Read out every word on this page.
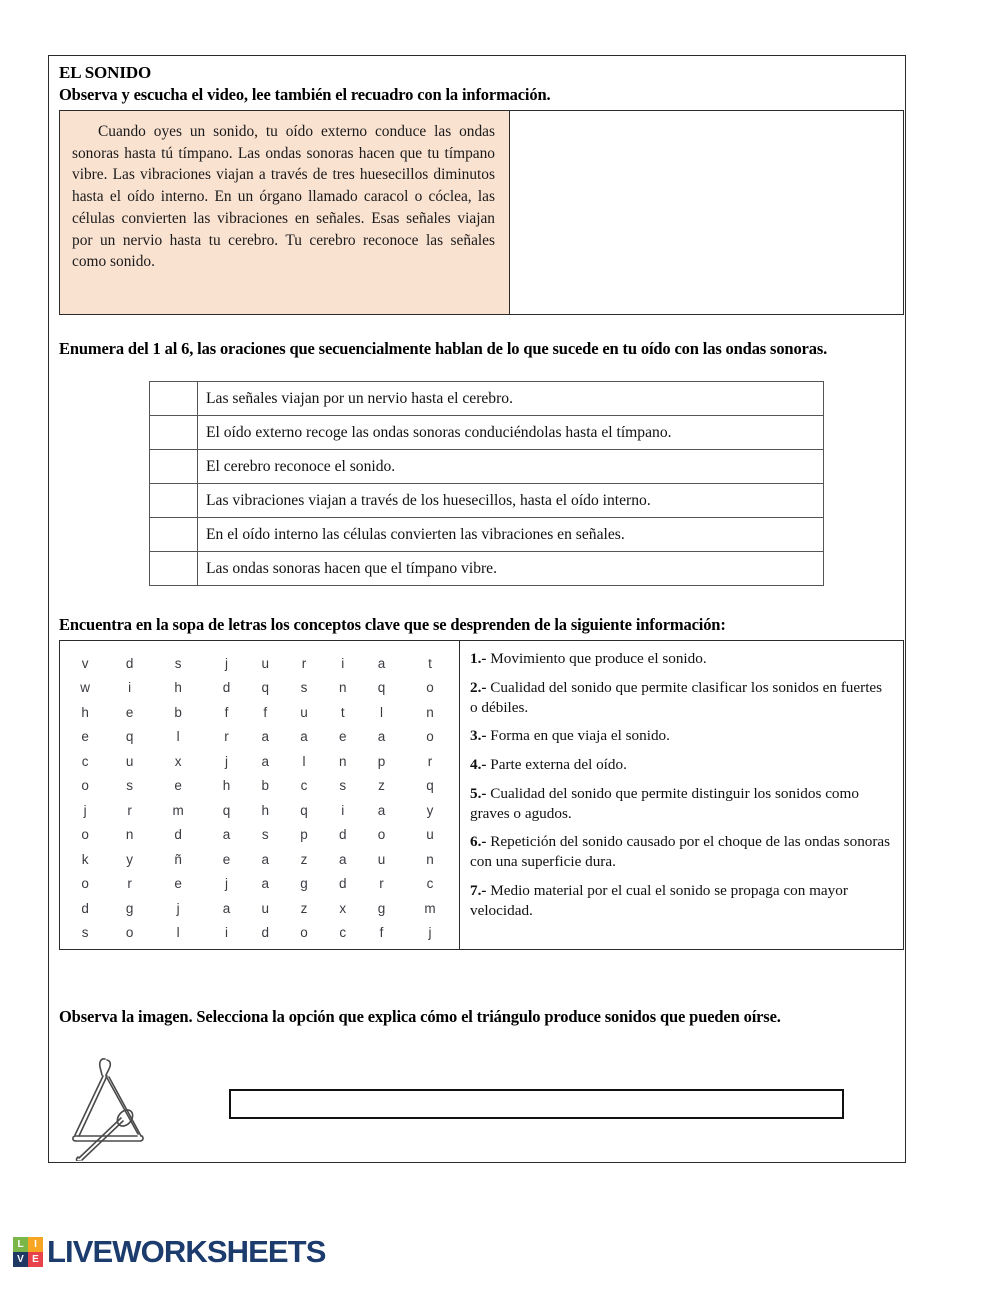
EL SONIDO
Observa y escucha el video, lee también el recuadro con la información.

Cuando oyes un sonido, tu oído externo conduce las ondas sonoras hasta tú tímpano. Las ondas sonoras hacen que tu tímpano vibre. Las vibraciones viajan a través de tres huesecillos diminutos hasta el oído interno. En un órgano llamado caracol o cóclea, las células convierten las vibraciones en señales. Esas señales viajan por un nervio hasta tu cerebro. Tu cerebro reconoce las señales como sonido.

Enumera del 1 al 6, las oraciones que secuencialmente hablan de lo que sucede en tu oído con las ondas sonoras.
	Las señales viajan por un nervio hasta el cerebro.
	El oído externo recoge las ondas sonoras conduciéndolas hasta el tímpano.
	El cerebro reconoce el sonido.
	Las vibraciones viajan a través de los huesecillos, hasta el oído interno.
	En el oído interno las células convierten las vibraciones en señales.
	Las ondas sonoras hacen que el tímpano vibre.
Encuentra en la sopa de letras los conceptos clave que se desprenden de la siguiente información:
v	d	s	j	u	r	i	a	t
w	i	h	d	q	s	n	q	o
h	e	b	f	f	u	t	l	n
e	q	l	r	a	a	e	a	o
c	u	x	j	a	l	n	p	r
o	s	e	h	b	c	s	z	q
j	r	m	q	h	q	i	a	y
o	n	d	a	s	p	d	o	u
k	y	ñ	e	a	z	a	u	n
o	r	e	j	a	g	d	r	c
d	g	j	a	u	z	x	g	m
s	o	l	i	d	o	c	f	j
1.- Movimiento que produce el sonido.
2.- Cualidad del sonido que permite clasificar los sonidos en fuertes o débiles.
3.- Forma en que viaja el sonido.
4.- Parte externa del oído.
5.- Cualidad del sonido que permite distinguir los sonidos como graves o agudos.
6.- Repetición del sonido causado por el choque de las ondas sonoras con una superficie dura.
7.- Medio material por el cual el sonido se propaga con mayor velocidad.
Observa la imagen. Selecciona la opción que explica cómo el triángulo produce sonidos que pueden oírse.
L	I
V E LIVEWORKSHEETS
